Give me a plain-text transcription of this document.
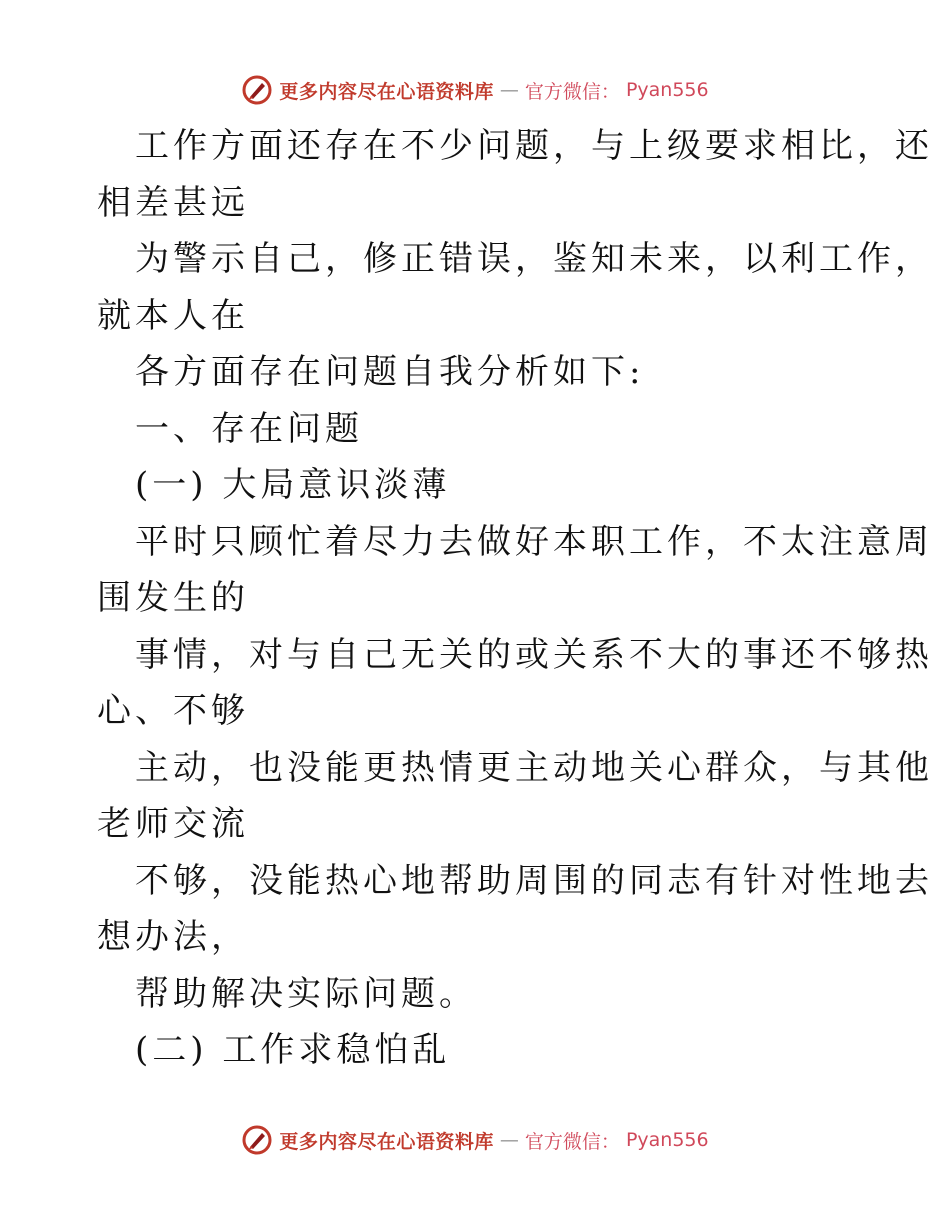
更多内容尽在心语资料库 — 官方微信： Pyan556

工作方面还存在不少问题，与上级要求相比，还
相差甚远
为警示自己，修正错误，鉴知未来，以利工作，
就本人在
各方面存在问题自我分析如下:
一、存在问题
(一) 大局意识淡薄
平时只顾忙着尽力去做好本职工作，不太注意周
围发生的
事情，对与自己无关的或关系不大的事还不够热
心、不够
主动，也没能更热情更主动地关心群众，与其他
老师交流
不够，没能热心地帮助周围的同志有针对性地去
想办法，
帮助解决实际问题。
(二) 工作求稳怕乱

更多内容尽在心语资料库 — 官方微信： Pyan556
